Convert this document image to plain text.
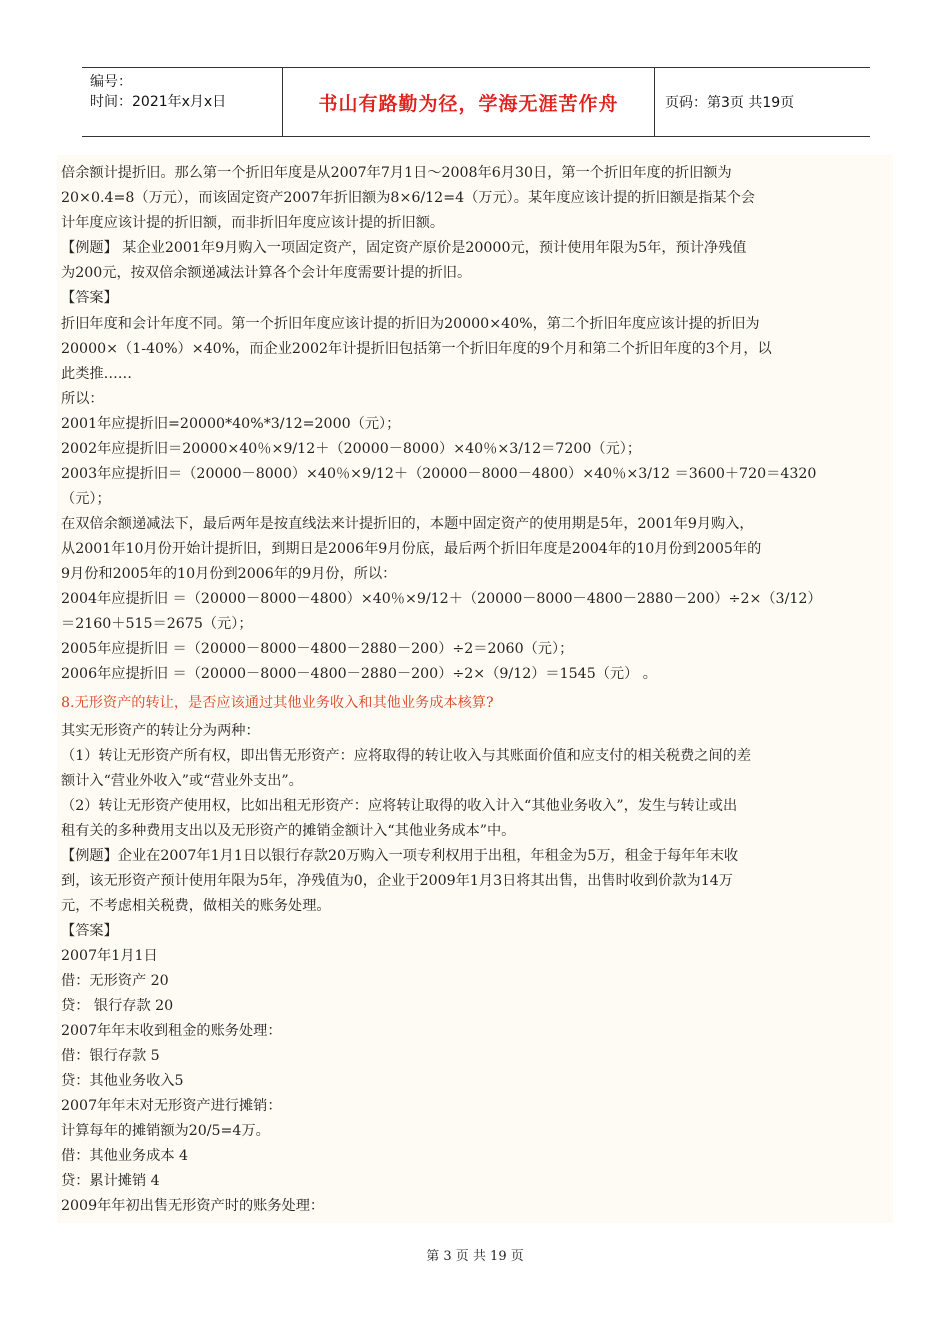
编号：
时间：2021年x月x日	书山有路勤为径，学海无涯苦作舟	页码：第3页 共19页
倍余额计提折旧。那么第一个折旧年度是从2007年7月1日～2008年6月30日，第一个折旧年度的折旧额为
20×0.4=8（万元），而该固定资产2007年折旧额为8×6/12=4（万元）。某年度应该计提的折旧额是指某个会
计年度应该计提的折旧额，而非折旧年度应该计提的折旧额。
【例题】 某企业2001年9月购入一项固定资产，固定资产原价是20000元，预计使用年限为5年，预计净残值
为200元，按双倍余额递减法计算各个会计年度需要计提的折旧。
【答案】
折旧年度和会计年度不同。第一个折旧年度应该计提的折旧为20000×40%，第二个折旧年度应该计提的折旧为
20000×（1-40%）×40%，而企业2002年计提折旧包括第一个折旧年度的9个月和第二个折旧年度的3个月，以
此类推……
所以：
2001年应提折旧=20000*40%*3/12=2000（元）；
2002年应提折旧＝20000×40％×9/12＋（20000－8000）×40％×3/12＝7200（元）；
2003年应提折旧＝（20000－8000）×40％×9/12＋（20000－8000－4800）×40％×3/12 ＝3600＋720＝4320
（元）；
在双倍余额递减法下，最后两年是按直线法来计提折旧的，本题中固定资产的使用期是5年，2001年9月购入，
从2001年10月份开始计提折旧，到期日是2006年9月份底，最后两个折旧年度是2004年的10月份到2005年的
9月份和2005年的10月份到2006年的9月份，所以：
2004年应提折旧 ＝（20000－8000－4800）×40％×9/12＋（20000－8000－4800－2880－200）÷2×（3/12）
＝2160＋515＝2675（元）；
2005年应提折旧 ＝（20000－8000－4800－2880－200）÷2＝2060（元）；
2006年应提折旧 ＝（20000－8000－4800－2880－200）÷2×（9/12）＝1545（元） 。
8.无形资产的转让，是否应该通过其他业务收入和其他业务成本核算?
其实无形资产的转让分为两种：
（1）转让无形资产所有权，即出售无形资产：应将取得的转让收入与其账面价值和应支付的相关税费之间的差
额计入“营业外收入”或“营业外支出”。
（2）转让无形资产使用权，比如出租无形资产：应将转让取得的收入计入“其他业务收入”，发生与转让或出
租有关的多种费用支出以及无形资产的摊销金额计入“其他业务成本”中。
【例题】企业在2007年1月1日以银行存款20万购入一项专利权用于出租，年租金为5万，租金于每年年末收
到，该无形资产预计使用年限为5年，净残值为0，企业于2009年1月3日将其出售，出售时收到价款为14万
元，不考虑相关税费，做相关的账务处理。
【答案】
2007年1月1日
借：无形资产 20
贷： 银行存款 20
2007年年末收到租金的账务处理：
借：银行存款 5
贷：其他业务收入5
2007年年末对无形资产进行摊销：
计算每年的摊销额为20/5=4万。
借：其他业务成本 4
贷：累计摊销 4
2009年年初出售无形资产时的账务处理：
第 3 页 共 19 页
